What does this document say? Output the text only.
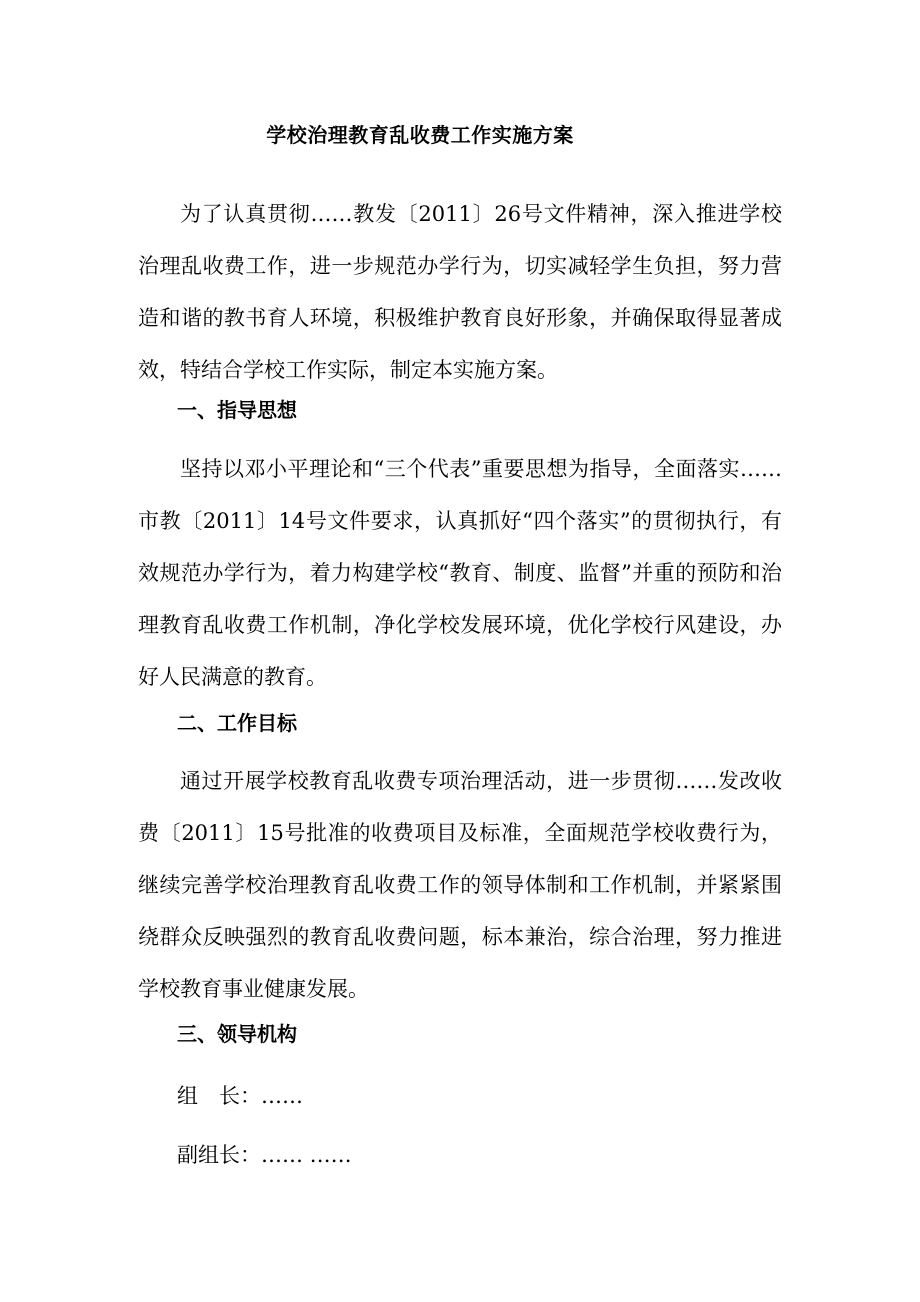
学校治理教育乱收费工作实施方案

为了认真贯彻……教发〔2011〕26号文件精神，深入推进学校治理乱收费工作，进一步规范办学行为，切实减轻学生负担，努力营造和谐的教书育人环境，积极维护教育良好形象，并确保取得显著成效，特结合学校工作实际，制定本实施方案。

一、指导思想

坚持以邓小平理论和“三个代表”重要思想为指导，全面落实……市教〔2011〕14号文件要求，认真抓好“四个落实”的贯彻执行，有效规范办学行为，着力构建学校“教育、制度、监督”并重的预防和治理教育乱收费工作机制，净化学校发展环境，优化学校行风建设，办好人民满意的教育。

二、工作目标

通过开展学校教育乱收费专项治理活动，进一步贯彻……发改收费〔2011〕15号批准的收费项目及标准，全面规范学校收费行为，继续完善学校治理教育乱收费工作的领导体制和工作机制，并紧紧围绕群众反映强烈的教育乱收费问题，标本兼治，综合治理，努力推进学校教育事业健康发展。

三、领导机构
组　长：……
副组长：…… ……
